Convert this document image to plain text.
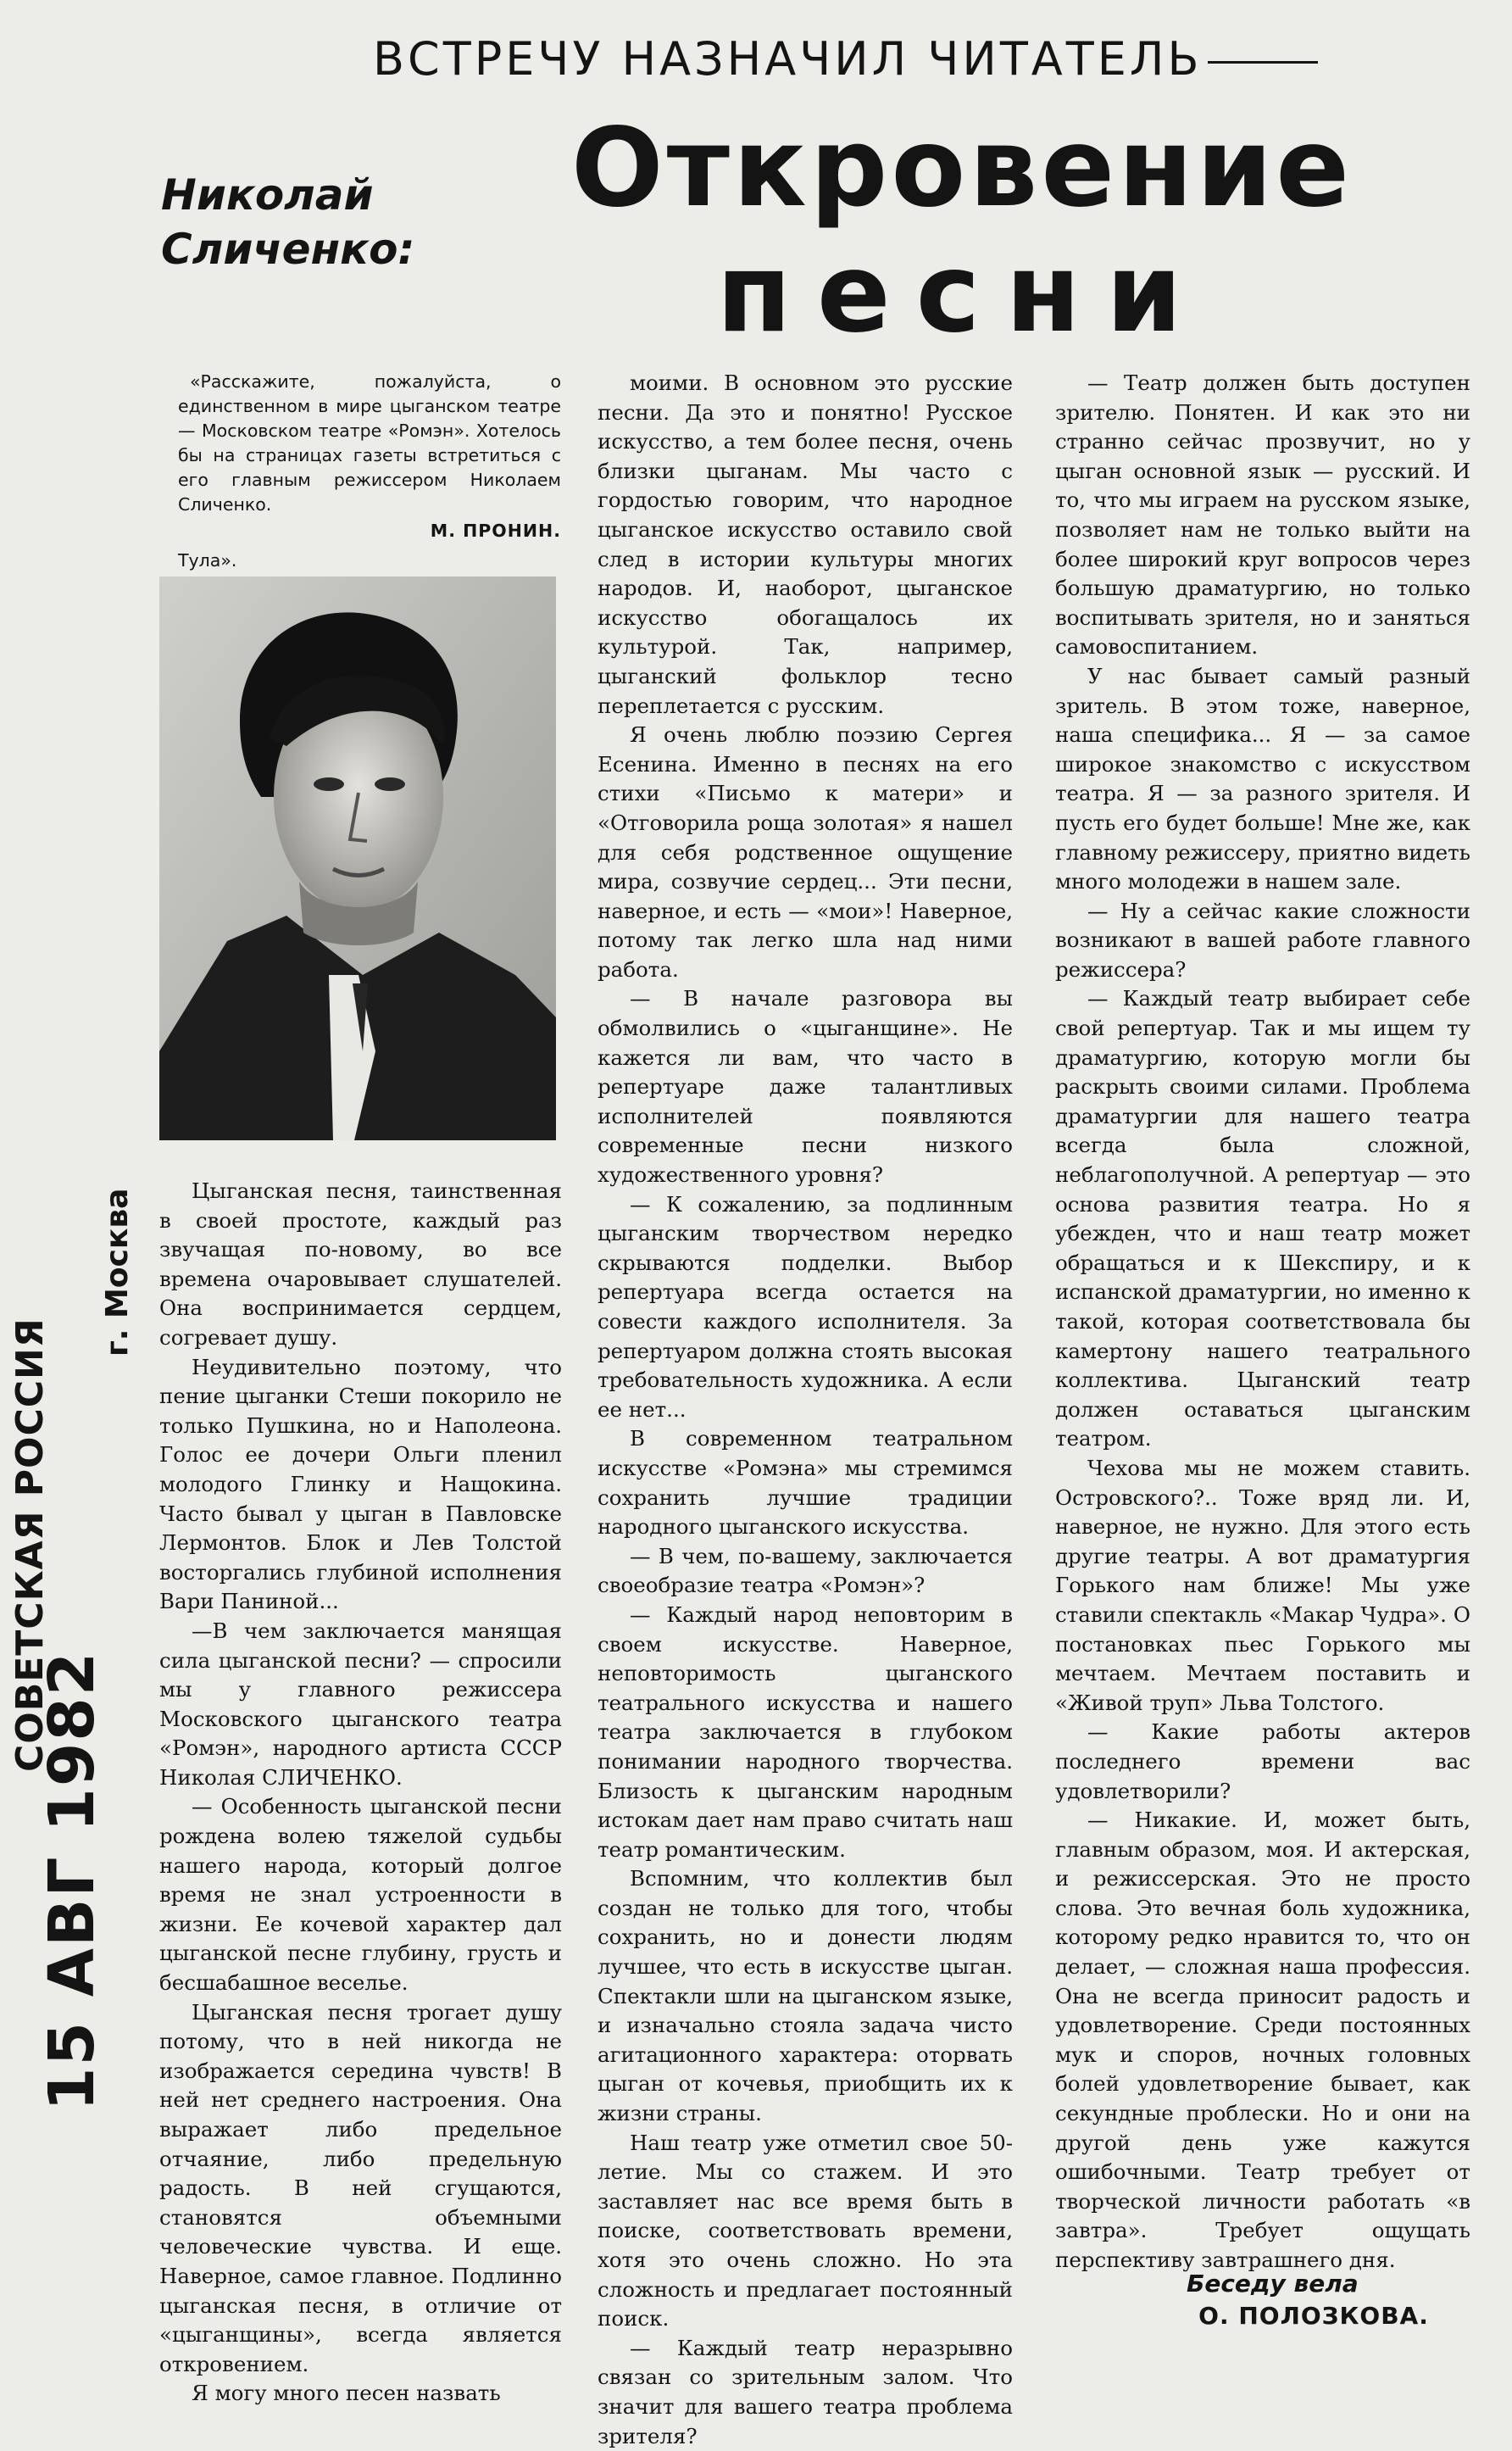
ВСТРЕЧУ НАЗНАЧИЛ ЧИТАТЕЛЬ
Николай
Сличенко:
Откровение
песни

«Расскажите, пожалуйста, о единственном в мире цыганском театре — Московском театре «Ромэн». Хотелось бы на страницах газеты встретиться с его главным режиссером Николаем Сличенко.

М. ПРОНИН.

Тула».

Цыганская песня, таинственная в своей простоте, каждый раз звучащая по-новому, во все времена очаровывает слушателей. Она воспринимается сердцем, согревает душу.

Неудивительно поэтому, что пение цыганки Стеши покорило не только Пушкина, но и Наполеона. Голос ее дочери Ольги пленил молодого Глинку и Нащокина. Часто бывал у цыган в Павловске Лермонтов. Блок и Лев Толстой восторгались глубиной исполнения Вари Паниной...

—В чем заключается манящая сила цыганской песни? — спросили мы у главного режиссера Московского цыганского театра «Ромэн», народного артиста СССР Николая СЛИЧЕНКО.

— Особенность цыганской песни рождена волею тяжелой судьбы нашего народа, который долгое время не знал устроенности в жизни. Ее кочевой характер дал цыганской песне глубину, грусть и бесшабашное веселье.

Цыганская песня трогает душу потому, что в ней никогда не изображается середина чувств! В ней нет среднего настроения. Она выражает либо предельное отчаяние, либо предельную радость. В ней сгущаются, становятся объемными человеческие чувства. И еще. Наверное, самое главное. Подлинно цыганская песня, в отличие от «цыганщины», всегда является откровением.

Я могу много песен назвать

моими. В основном это русские песни. Да это и понятно! Русское искусство, а тем более песня, очень близки цыганам. Мы часто с гордостью говорим, что народное цыганское искусство оставило свой след в истории культуры многих народов. И, наоборот, цыганское искусство обогащалось их культурой. Так, например, цыганский фольклор тесно переплетается с русским.

Я очень люблю поэзию Сергея Есенина. Именно в песнях на его стихи «Письмо к матери» и «Отговорила роща золотая» я нашел для себя родственное ощущение мира, созвучие сердец... Эти песни, наверное, и есть — «мои»! Наверное, потому так легко шла над ними работа.

— В начале разговора вы обмолвились о «цыганщине». Не кажется ли вам, что часто в репертуаре даже талантливых исполнителей появляются современные песни низкого художественного уровня?

— К сожалению, за подлинным цыганским творчеством нередко скрываются подделки. Выбор репертуара всегда остается на совести каждого исполнителя. За репертуаром должна стоять высокая требовательность художника. А если ее нет...

В современном театральном искусстве «Ромэна» мы стремимся сохранить лучшие традиции народного цыганского искусства.

— В чем, по-вашему, заключается своеобразие театра «Ромэн»?

— Каждый народ неповторим в своем искусстве. Наверное, неповторимость цыганского театрального искусства и нашего театра заключается в глубоком понимании народного творчества. Близость к цыганским народным истокам дает нам право считать наш театр романтическим.

Вспомним, что коллектив был создан не только для того, чтобы сохранить, но и донести людям лучшее, что есть в искусстве цыган. Спектакли шли на цыганском языке, и изначально стояла задача чисто агитационного характера: оторвать цыган от кочевья, приобщить их к жизни страны.

Наш театр уже отметил свое 50-летие. Мы со стажем. И это заставляет нас все время быть в поиске, соответствовать времени, хотя это очень сложно. Но эта сложность и предлагает постоянный поиск.

— Каждый театр неразрывно связан со зрительным залом. Что значит для вашего театра проблема зрителя?

— Театр должен быть доступен зрителю. Понятен. И как это ни странно сейчас прозвучит, но у цыган основной язык — русский. И то, что мы играем на русском языке, позволяет нам не только выйти на более широкий круг вопросов через большую драматургию, но только воспитывать зрителя, но и заняться самовоспитанием.

У нас бывает самый разный зритель. В этом тоже, наверное, наша специфика... Я — за самое широкое знакомство с искусством театра. Я — за разного зрителя. И пусть его будет больше! Мне же, как главному режиссеру, приятно видеть много молодежи в нашем зале.

— Ну а сейчас какие сложности возникают в вашей работе главного режиссера?

— Каждый театр выбирает себе свой репертуар. Так и мы ищем ту драматургию, которую могли бы раскрыть своими силами. Проблема драматургии для нашего театра всегда была сложной, неблагополучной. А репертуар — это основа развития театра. Но я убежден, что и наш театр может обращаться и к Шекспиру, и к испанской драматургии, но именно к такой, которая соответствовала бы камертону нашего театрального коллектива. Цыганский театр должен оставаться цыганским театром.

Чехова мы не можем ставить. Островского?.. Тоже вряд ли. И, наверное, не нужно. Для этого есть другие театры. А вот драматургия Горького нам ближе! Мы уже ставили спектакль «Макар Чудра». О постановках пьес Горького мы мечтаем. Мечтаем поставить и «Живой труп» Льва Толстого.

— Какие работы актеров последнего времени вас удовлетворили?

— Никакие. И, может быть, главным образом, моя. И актерская, и режиссерская. Это не просто слова. Это вечная боль художника, которому редко нравится то, что он делает, — сложная наша профессия. Она не всегда приносит радость и удовлетворение. Среди постоянных мук и споров, ночных головных болей удовлетворение бывает, как секундные проблески. Но и они на другой день уже кажутся ошибочными. Театр требует от творческой личности работать «в завтра». Требует ощущать перспективу завтрашнего дня.

СОВЕТСКАЯ РОССИЯ
г. Москва
15 АВГ 1982
Беседу вела
О. ПОЛОЗКОВА.
